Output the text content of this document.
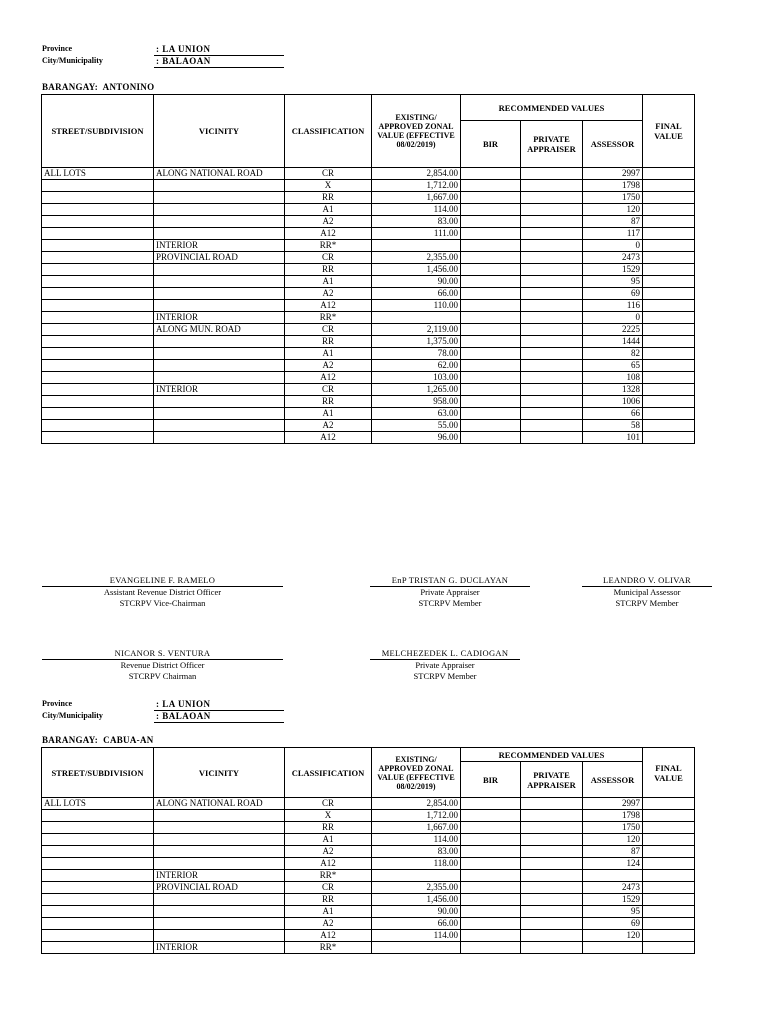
Province	: LA UNION
City/Municipality	: BALAOAN
BARANGAY: ANTONINO
STREET/SUBDIVISION	VICINITY	CLASSIFICATION	EXISTING/ APPROVED ZONAL VALUE (EFFECTIVE 08/02/2019)	RECOMMENDED VALUES			FINAL VALUE
				BIR	PRIVATE APPRAISER	ASSESSOR	
ALL LOTS	ALONG NATIONAL ROAD	CR	2,854.00			2997	
		X	1,712.00			1798	
		RR	1,667.00			1750	
		A1	114.00			120	
		A2	83.00			87	
		A12	111.00			117	
	INTERIOR	RR*				0	
	PROVINCIAL ROAD	CR	2,355.00			2473	
		RR	1,456.00			1529	
		A1	90.00			95	
		A2	66.00			69	
		A12	110.00			116	
	INTERIOR	RR*				0	
	ALONG MUN. ROAD	CR	2,119.00			2225	
		RR	1,375.00			1444	
		A1	78.00			82	
		A2	62.00			65	
		A12	103.00			108	
	INTERIOR	CR	1,265.00			1328	
		RR	958.00			1006	
		A1	63.00			66	
		A2	55.00			58	
		A12	96.00			101	
EVANGELINE F. RAMELO
Assistant Revenue District Officer
STCRPV Vice-Chairman
EnP TRISTAN G. DUCLAYAN
Private Appraiser
STCRPV Member
LEANDRO V. OLIVAR
Municipal Assessor
STCRPV Member
NICANOR S. VENTURA
Revenue District Officer
STCRPV Chairman
MELCHEZEDEK L. CADIOGAN
Private Appraiser
STCRPV Member
Province	: LA UNION
City/Municipality	: BALAOAN
BARANGAY: CABUA-AN
STREET/SUBDIVISION	VICINITY	CLASSIFICATION	EXISTING/ APPROVED ZONAL VALUE (EFFECTIVE 08/02/2019)	RECOMMENDED VALUES			FINAL VALUE
				BIR	PRIVATE APPRAISER	ASSESSOR	
ALL LOTS	ALONG NATIONAL ROAD	CR	2,854.00			2997	
		X	1,712.00			1798	
		RR	1,667.00			1750	
		A1	114.00			120	
		A2	83.00			87	
		A12	118.00			124	
	INTERIOR	RR*					
	PROVINCIAL ROAD	CR	2,355.00			2473	
		RR	1,456.00			1529	
		A1	90.00			95	
		A2	66.00			69	
		A12	114.00			120	
	INTERIOR	RR*					
